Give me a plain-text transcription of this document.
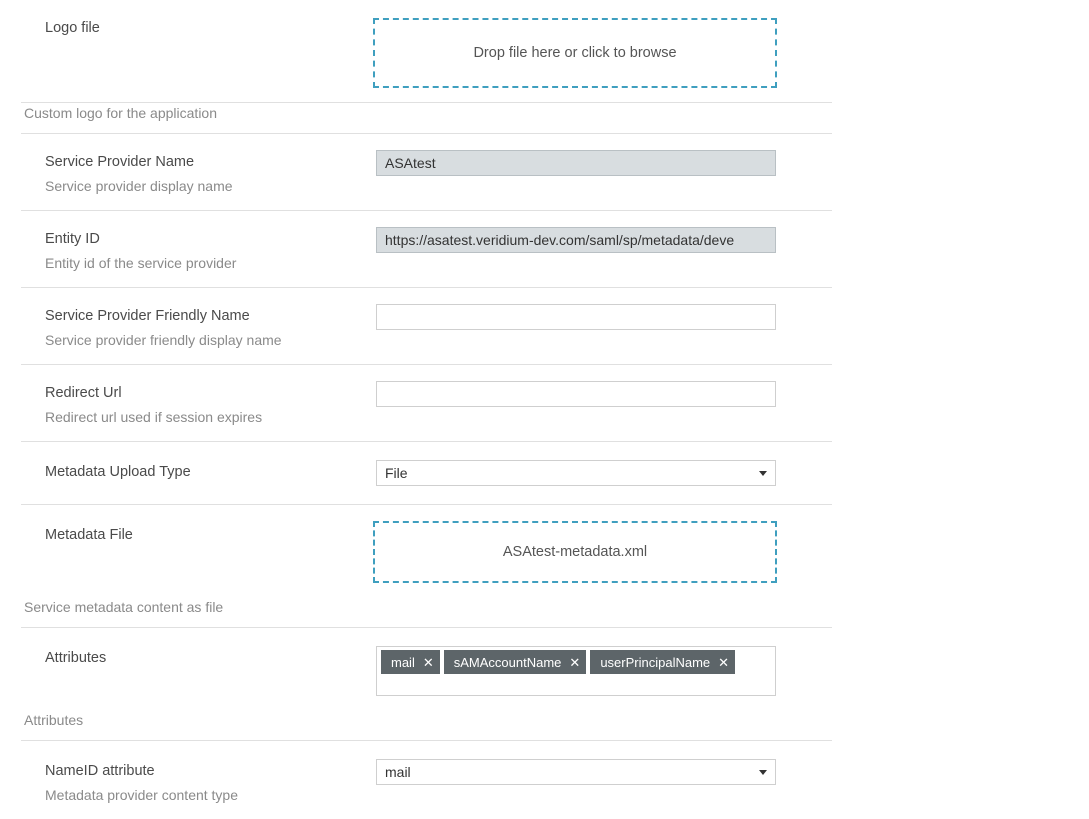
Logo file
Drop file here or click to browse
Custom logo for the application
Service Provider Name
Service provider display name
ASAtest
Entity ID
Entity id of the service provider
https://asatest.veridium-dev.com/saml/sp/metadata/deve
Service Provider Friendly Name
Service provider friendly display name
Redirect Url
Redirect url used if session expires
Metadata Upload Type	File
Metadata File
ASAtest-metadata.xml
Service metadata content as file
Attributes	mail ✕ sAMAccountName ✕ userPrincipalName ✕
Attributes
NameID attribute
Metadata provider content type
mail
